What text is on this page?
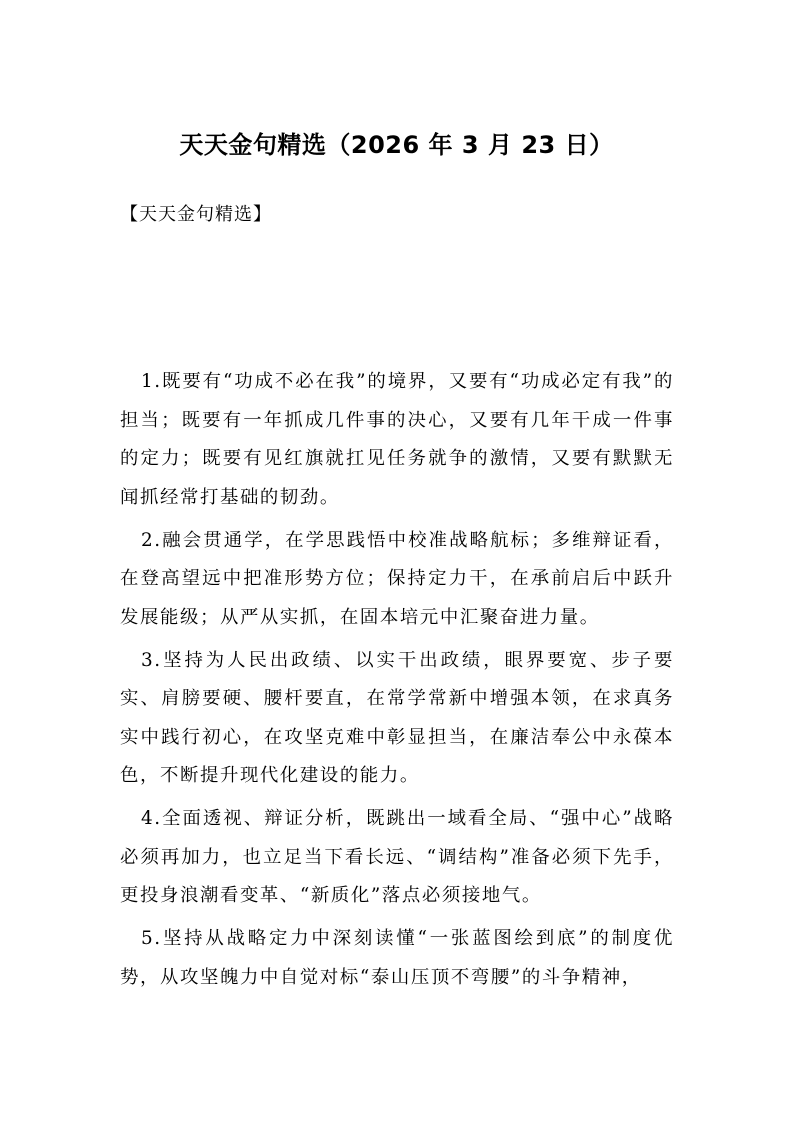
天天金句精选（2026 年 3 月 23 日）
【天天金句精选】

1.既要有“功成不必在我”的境界，又要有“功成必定有我”的担当；既要有一年抓成几件事的决心，又要有几年干成一件事的定力；既要有见红旗就扛见任务就争的激情，又要有默默无闻抓经常打基础的韧劲。

2.融会贯通学，在学思践悟中校准战略航标；多维辩证看，在登高望远中把准形势方位；保持定力干，在承前启后中跃升发展能级；从严从实抓，在固本培元中汇聚奋进力量。

3.坚持为人民出政绩、以实干出政绩，眼界要宽、步子要实、肩膀要硬、腰杆要直，在常学常新中增强本领，在求真务实中践行初心，在攻坚克难中彰显担当，在廉洁奉公中永葆本色，不断提升现代化建设的能力。

4.全面透视、辩证分析，既跳出一域看全局、“强中心”战略必须再加力，也立足当下看长远、“调结构”准备必须下先手，更投身浪潮看变革、“新质化”落点必须接地气。

5.坚持从战略定力中深刻读懂“一张蓝图绘到底”的制度优势，从攻坚魄力中自觉对标“泰山压顶不弯腰”的斗争精神，
